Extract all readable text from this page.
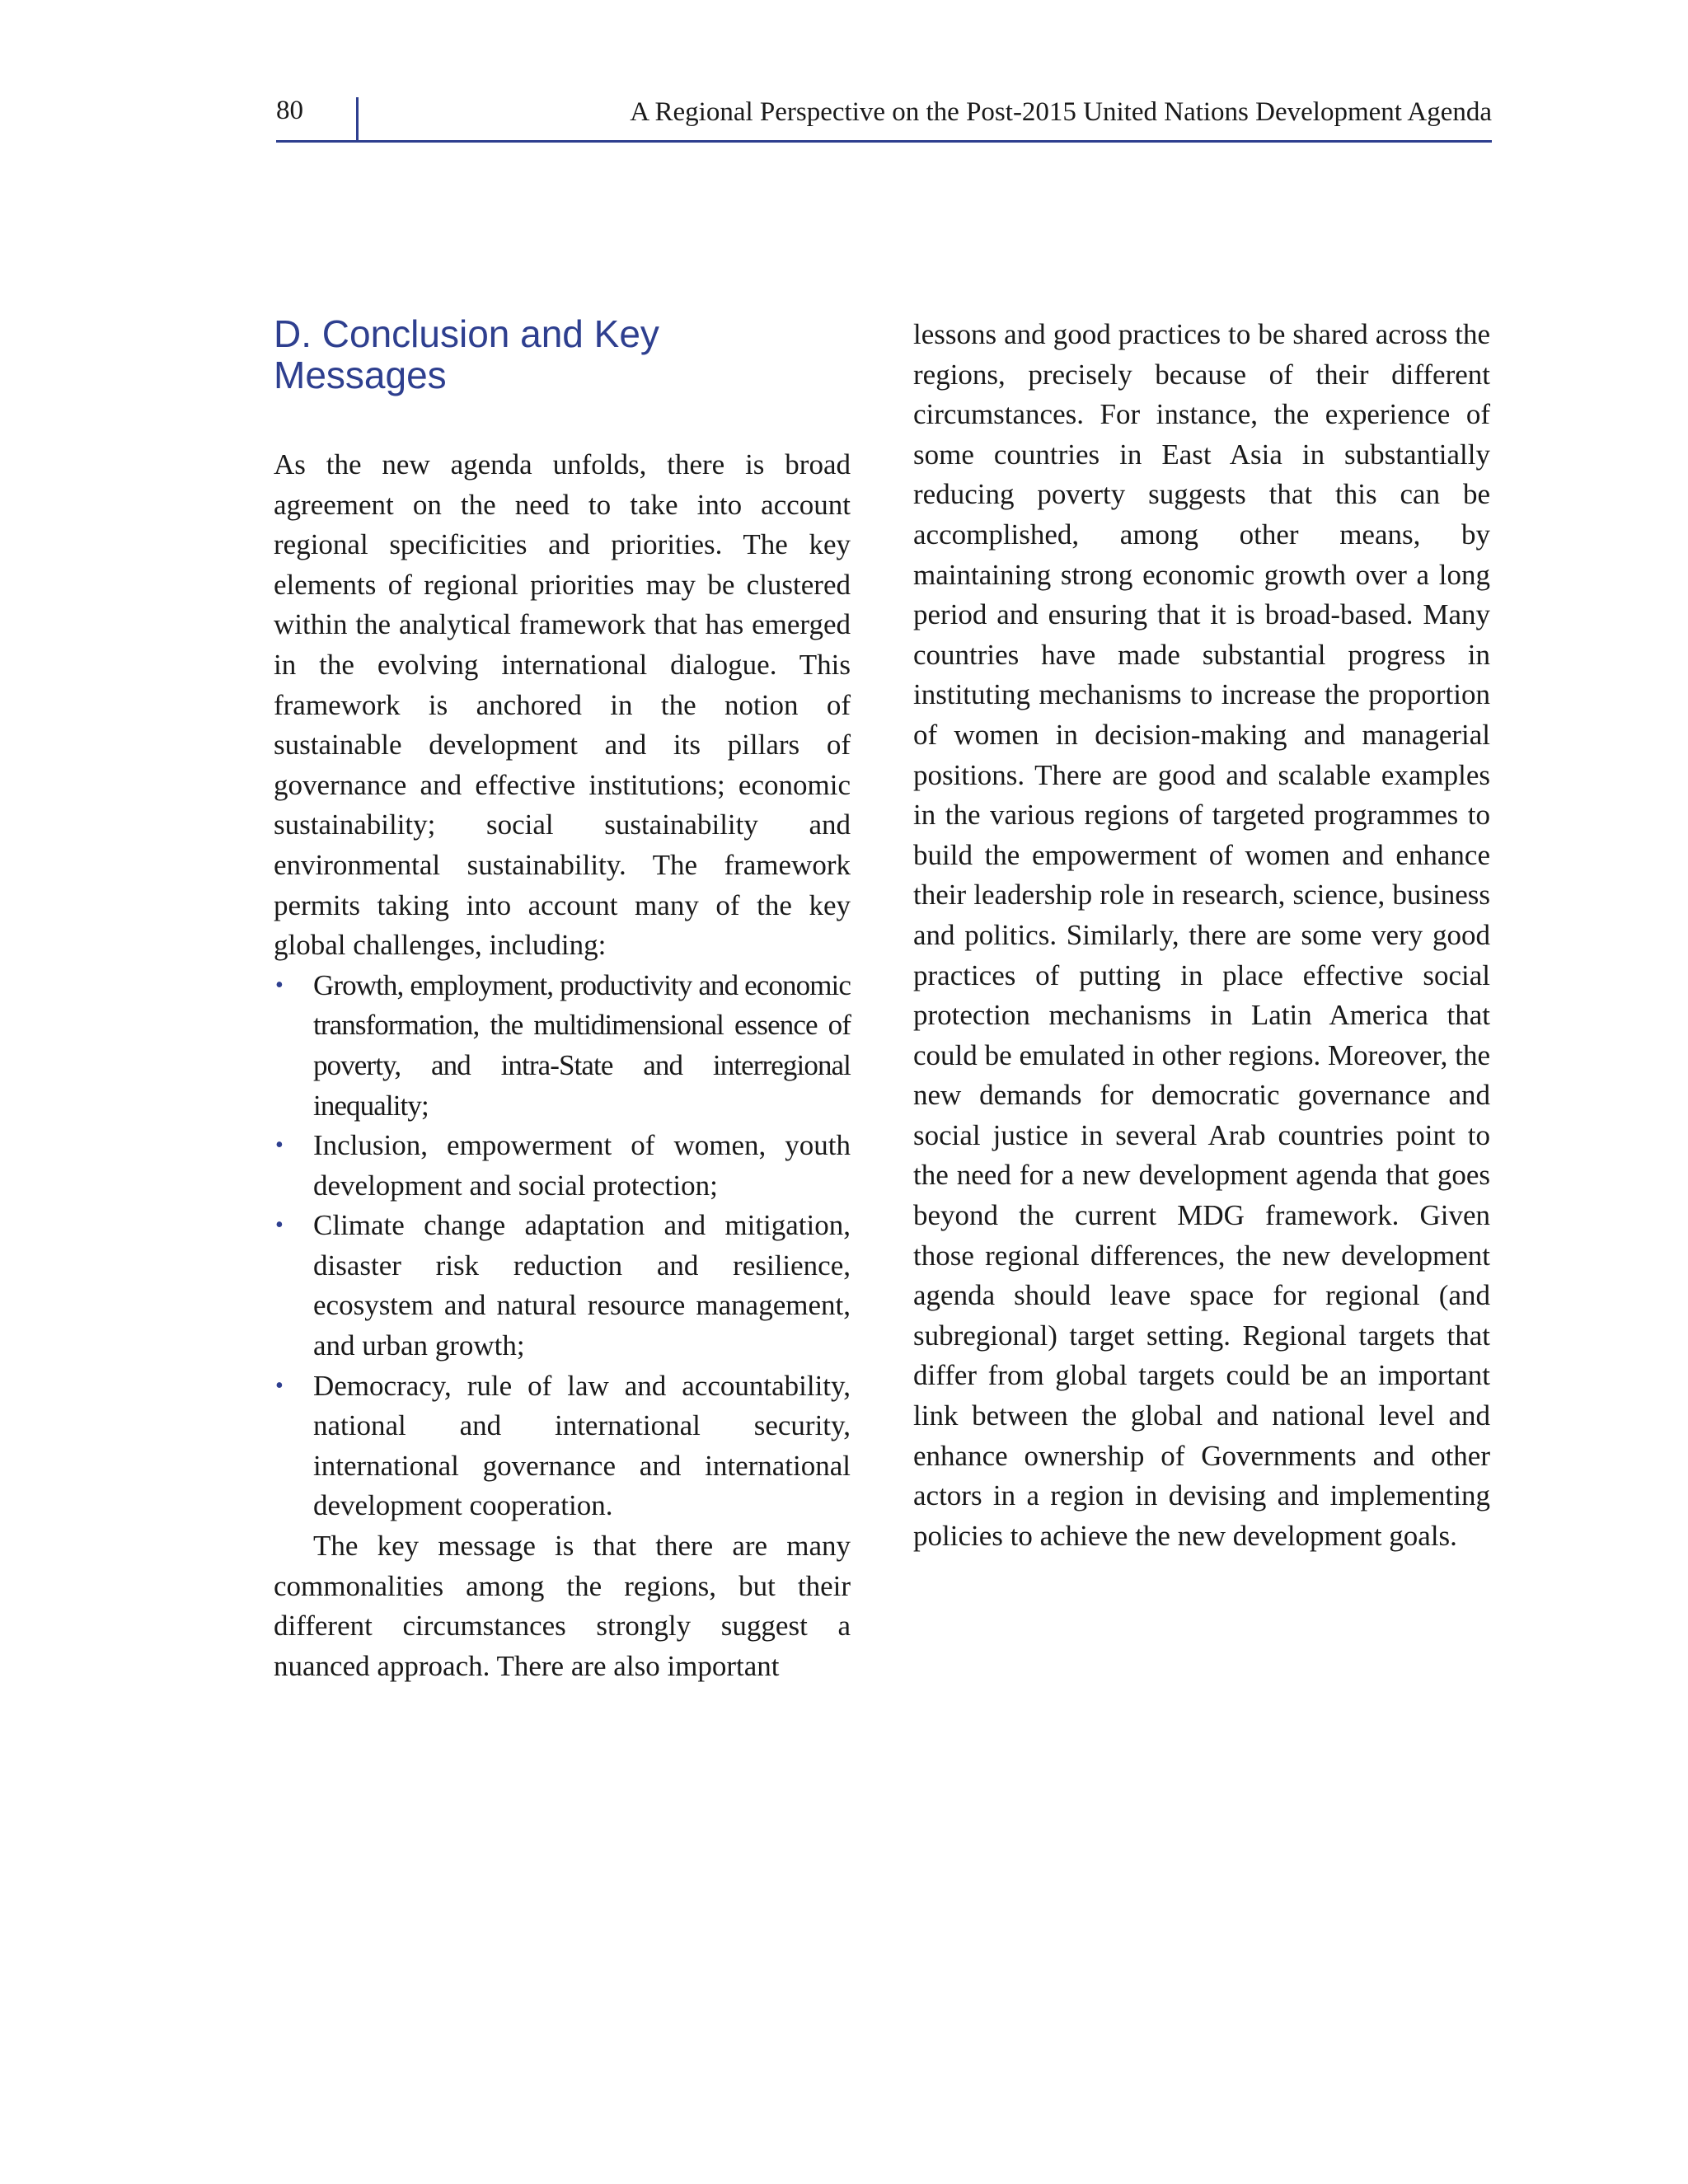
80	A Regional Perspective on the Post-2015 United Nations Development Agenda
D. Conclusion and Key
Messages

As the new agenda unfolds, there is broad agreement on the need to take into account regional specificities and priorities. The key elements of regional priorities may be clustered within the analytical framework that has emerged in the evolving international dialogue. This framework is anchored in the notion of sustainable development and its pillars of governance and effective institutions; economic sustainability; social sustainability and environmental sustainability. The framework permits taking into account many of the key global challenges, including:

• Growth, employment, productivity and economic transformation, the multidimensional essence of poverty, and intra-State and interregional inequality;
• Inclusion, empowerment of women, youth development and social protection;
• Climate change adaptation and mitigation, disaster risk reduction and resilience, ecosystem and natural resource management, and urban growth;
• Democracy, rule of law and accountability, national and international security, international governance and international development cooperation.

The key message is that there are many commonalities among the regions, but their different circumstances strongly suggest a nuanced approach. There are also important

lessons and good practices to be shared across the regions, precisely because of their different circumstances. For instance, the experience of some countries in East Asia in substantially reducing poverty suggests that this can be accomplished, among other means, by maintaining strong economic growth over a long period and ensuring that it is broad-based. Many countries have made substantial progress in instituting mechanisms to increase the proportion of women in decision-making and managerial positions. There are good and scalable examples in the various regions of targeted programmes to build the empowerment of women and enhance their leadership role in research, science, business and politics. Similarly, there are some very good practices of putting in place effective social protection mechanisms in Latin America that could be emulated in other regions. Moreover, the new demands for democratic governance and social justice in several Arab countries point to the need for a new development agenda that goes beyond the current MDG framework. Given those regional differences, the new development agenda should leave space for regional (and subregional) target setting. Regional targets that differ from global targets could be an important link between the global and national level and enhance ownership of Governments and other actors in a region in devising and implementing policies to achieve the new development goals.
